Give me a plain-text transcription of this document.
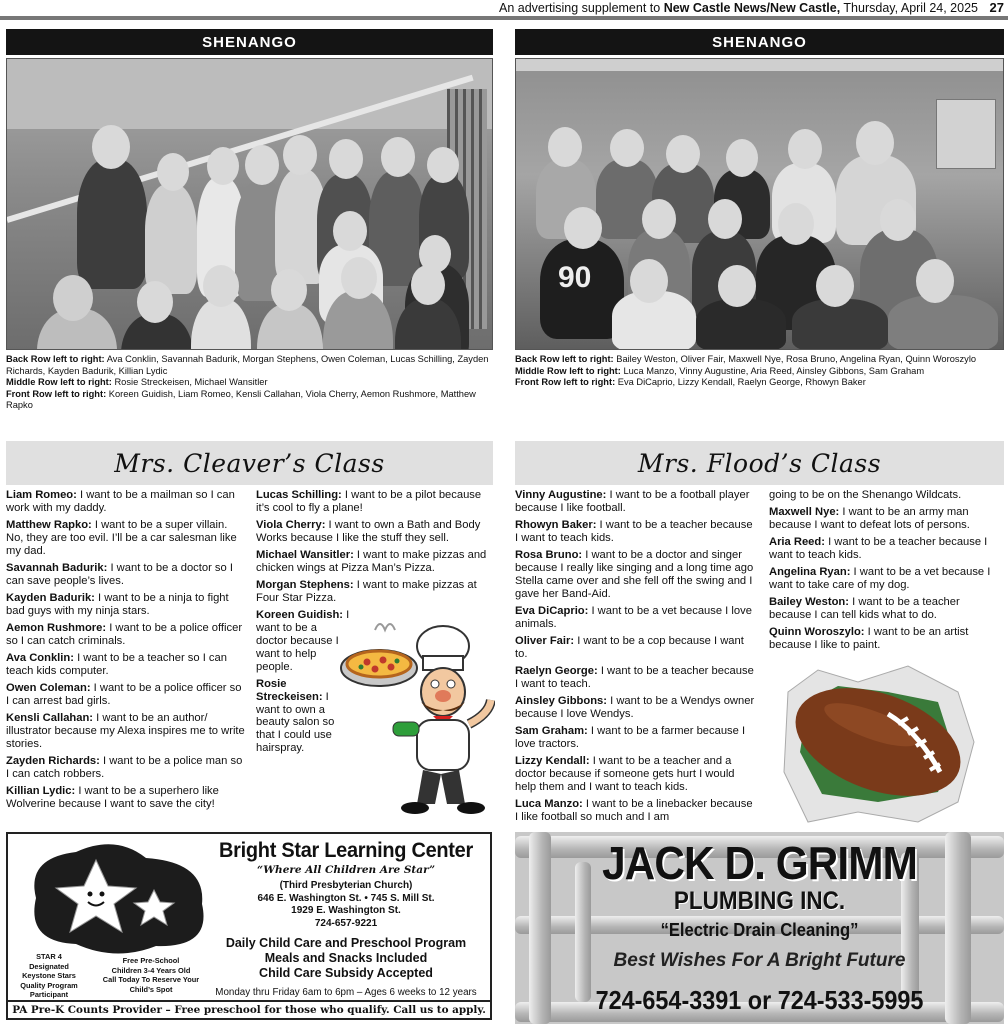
An advertising supplement to New Castle News/New Castle, Thursday, April 24, 2025 27
SHENANGO	SHENANGO
90
Back Row left to right: Ava Conklin, Savannah Badurik, Morgan Stephens, Owen Coleman, Lucas Schilling, Zayden Richards, Kayden Badurik, Killian Lydic
Middle Row left to right: Rosie Streckeisen, Michael Wansitler
Front Row left to right: Koreen Guidish, Liam Romeo, Kensli Callahan, Viola Cherry, Aemon Rushmore, Matthew Rapko
Back Row left to right: Bailey Weston, Oliver Fair, Maxwell Nye, Rosa Bruno, Angelina Ryan, Quinn Woroszylo
Middle Row left to right: Luca Manzo, Vinny Augustine, Aria Reed, Ainsley Gibbons, Sam Graham
Front Row left to right: Eva DiCaprio, Lizzy Kendall, Raelyn George, Rhowyn Baker
Mrs. Cleaver’s Class	Mrs. Flood’s Class

Liam Romeo: I want to be a mailman so I can work with my daddy.

Matthew Rapko: I want to be a super villain. No, they are too evil. I’ll be a car salesman like my dad.

Savannah Badurik: I want to be a doctor so I can save people’s lives.

Kayden Badurik: I want to be a ninja to fight bad guys with my ninja stars.

Aemon Rushmore: I want to be a police officer so I can catch criminals.

Ava Conklin: I want to be a teacher so I can teach kids computer.

Owen Coleman: I want to be a police officer so I can arrest bad girls.

Kensli Callahan: I want to be an author/ illustrator because my Alexa inspires me to write stories.

Zayden Richards: I want to be a police man so I can catch robbers.

Killian Lydic: I want to be a superhero like Wolverine because I want to save the city!

Lucas Schilling: I want to be a pilot because it’s cool to fly a plane!

Viola Cherry: I want to own a Bath and Body Works because I like the stuff they sell.

Michael Wansitler: I want to make pizzas and chicken wings at Pizza Man’s Pizza.

Morgan Stephens: I want to make pizzas at Four Star Pizza.

Koreen Guidish: I want to be a doctor because I want to help people.

Rosie Streckeisen: I want to own a beauty salon so that I could use hairspray.

Vinny Augustine: I want to be a football player because I like football.

Rhowyn Baker: I want to be a teacher because I want to teach kids.

Rosa Bruno: I want to be a doctor and singer because I really like singing and a long time ago Stella came over and she fell off the swing and I gave her Band-Aid.

Eva DiCaprio: I want to be a vet because I love animals.

Oliver Fair: I want to be a cop because I want to.

Raelyn George: I want to be a teacher because I want to teach.

Ainsley Gibbons: I want to be a Wendys owner because I love Wendys.

Sam Graham: I want to be a farmer because I love tractors.

Lizzy Kendall: I want to be a teacher and a doctor because if someone gets hurt I would help them and I want to teach kids.

Luca Manzo: I want to be a linebacker because I like football so much and I am

going to be on the Shenango Wildcats.

Maxwell Nye: I want to be an army man because I want to defeat lots of persons.

Aria Reed: I want to be a teacher because I want to teach kids.

Angelina Ryan: I want to be a vet because I want to take care of my dog.

Bailey Weston: I want to be a teacher because I can tell kids what to do.

Quinn Woroszylo: I want to be an artist because I like to paint.

STAR 4
Designated
Keystone Stars
Quality Program
Participant
Free Pre-School
Children 3-4 Years Old
Call Today To Reserve Your
Child’s Spot
Bright Star Learning Center
“Where All Children Are Star”
(Third Presbyterian Church)
646 E. Washington St. • 745 S. Mill St.
1929 E. Washington St.
724-657-9221
Daily Child Care and Preschool Program
Meals and Snacks Included
Child Care Subsidy Accepted
Monday thru Friday 6am to 6pm – Ages 6 weeks to 12 years
PA Pre-K Counts Provider – Free preschool for those who qualify. Call us to apply.
JACK D. GRIMM
PLUMBING INC.
“Electric Drain Cleaning”
Best Wishes For A Bright Future
724-654-3391 or 724-533-5995
